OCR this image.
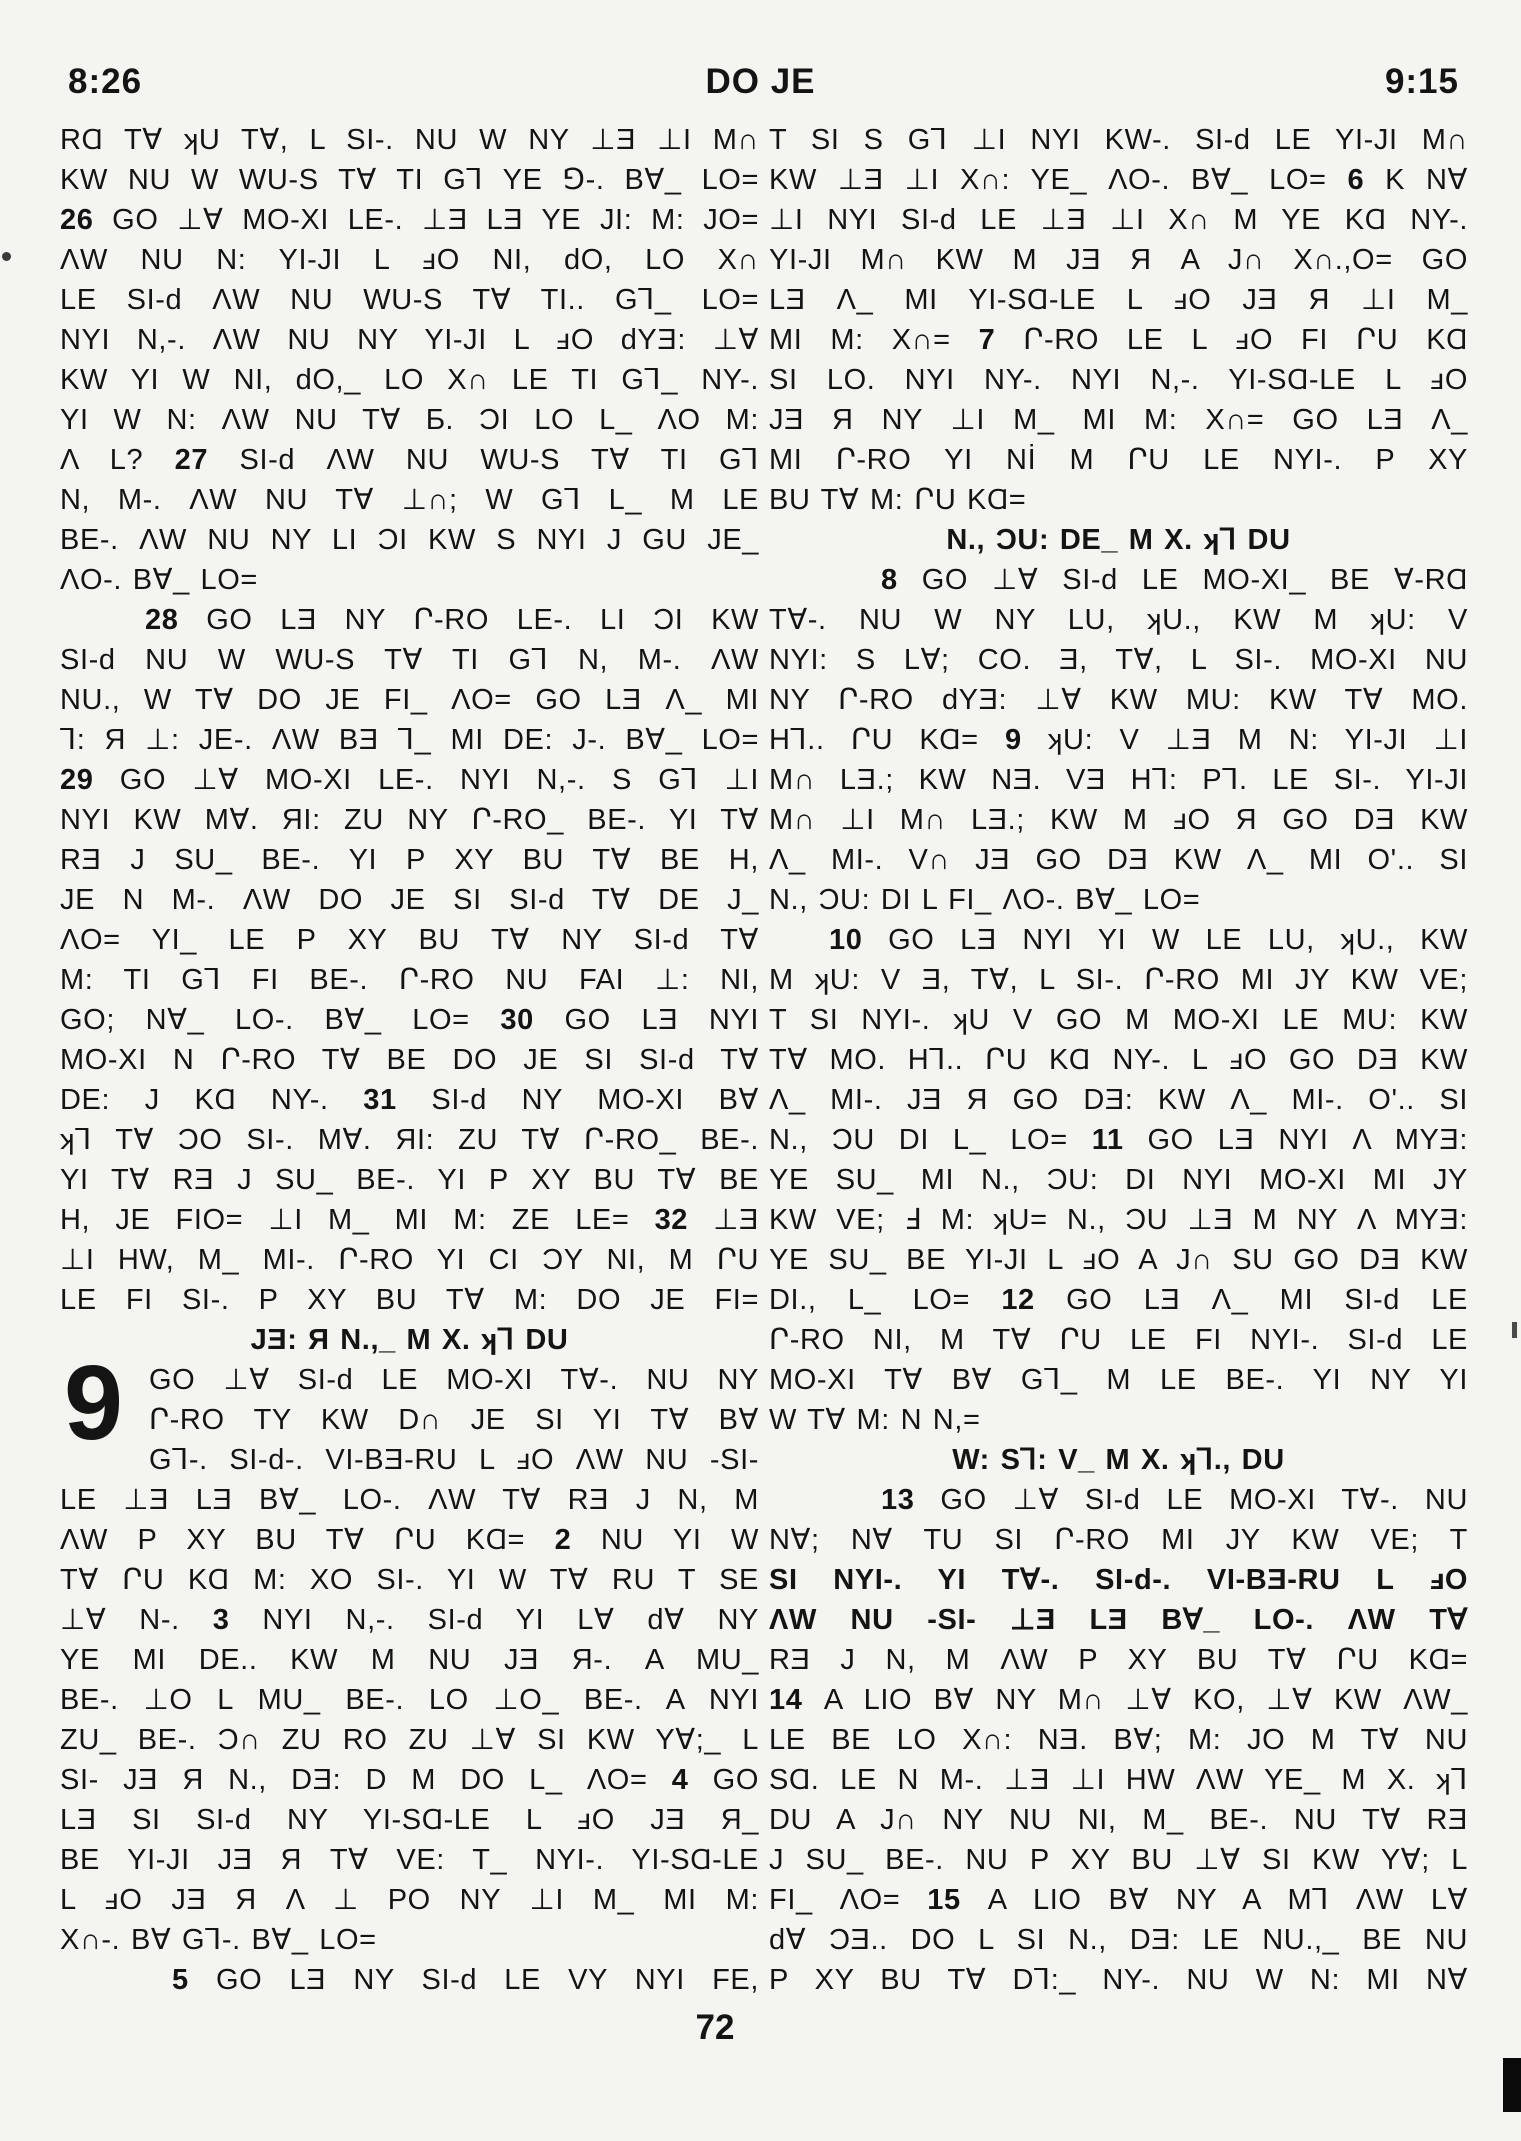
8:26	DO JE	9:15
RⱭ T∀ ʞU T∀, L SI-. NU W NY ⊥Ǝ ⊥I M∩
KW NU W WU-S T∀ TI G⅂ YE ⅁-. B∀_ LO=
26 GO ⊥∀ MO-XI LE-. ⊥Ǝ LƎ YE JI: M: JO=
ΛW NU N: YI-JI L ⅎO NI, dO, LO X∩
LE SI-d ΛW NU WU-S T∀ TI.. G⅂_ LO=
NYI N,-. ΛW NU NY YI-JI L ⅎO dYƎ: ⊥∀
KW YI W NI, dO,_ LO X∩ LE TI G⅂_ NY-.
YI W N: ΛW NU T∀ Ƃ. ƆI LO L_ ΛO M:
Λ L? 27 SI-d ΛW NU WU-S T∀ TI G⅂
N, M-. ΛW NU T∀ ⊥∩; W G⅂ L_ M LE
BE-. ΛW NU NY LI ƆI KW S NYI J GU JE_
ΛO-. B∀_ LO=
28 GO LƎ NY Ր-RO LE-. LI ƆI KW
SI-d NU W WU-S T∀ TI G⅂ N, M-. ΛW
NU., W T∀ DO JE FI_ ΛO= GO LƎ Λ_ MI
⅂: Я ⊥: JE-. ΛW BƎ ⅂_ MI DE: J-. B∀_ LO=
29 GO ⊥∀ MO-XI LE-. NYI N,-. S G⅂ ⊥I
NYI KW M∀. ЯI: ZU NY Ր-RO_ BE-. YI T∀
RƎ J SU_ BE-. YI P XY BU T∀ BE H,
JE N M-. ΛW DO JE SI SI-d T∀ DE J_
ΛO= YI_ LE P XY BU T∀ NY SI-d T∀
M: TI G⅂ FI BE-. Ր-RO NU FAI ⊥: NI,
GO; N∀_ LO-. B∀_ LO= 30 GO LƎ NYI
MO-XI N Ր-RO T∀ BE DO JE SI SI-d T∀
DE: J KⱭ NY-. 31 SI-d NY MO-XI B∀
ʞ⅂ T∀ ƆO SI-. M∀. ЯI: ZU T∀ Ր-RO_ BE-.
YI T∀ RƎ J SU_ BE-. YI P XY BU T∀ BE
H, JE FIO= ⊥I M_ MI M: ZE LE= 32 ⊥Ǝ
⊥I HW, M_ MI-. Ր-RO YI CI ƆY NI, M ՐU
LE FI SI-. P XY BU T∀ M: DO JE FI=
JƎ: Я N.,_ M X. ʞ⅂ DU
9 GO ⊥∀ SI-d LE MO-XI T∀-. NU NY
Ր-RO TY KW D∩ JE SI YI T∀ B∀
G⅂-. SI-d-. VI-BƎ-RU L ⅎO ΛW NU -SI-
LE ⊥Ǝ LƎ B∀_ LO-. ΛW T∀ RƎ J N, M
ΛW P XY BU T∀ ՐU KⱭ= 2 NU YI W
T∀ ՐU KⱭ M: XO SI-. YI W T∀ RU T SE
⊥∀ N-. 3 NYI N,-. SI-d YI L∀ d∀ NY
YE MI DE.. KW M NU JƎ Я-. A MU_
BE-. ⊥O L MU_ BE-. LO ⊥O_ BE-. A NYI
ZU_ BE-. Ɔ∩ ZU RO ZU ⊥∀ SI KW Y∀;_ L
SI- JƎ Я N., DƎ: D M DO L_ ΛO= 4 GO
LƎ SI SI-d NY YI-SⱭ-LE L ⅎO JƎ Я_
BE YI-JI JƎ Я T∀ VE: T_ NYI-. YI-SⱭ-LE
L ⅎO JƎ Я Λ ⊥ PO NY ⊥I M_ MI M:
X∩-. B∀ G⅂-. B∀_ LO=
5 GO LƎ NY SI-d LE VY NYI FE,
T SI S G⅂ ⊥I NYI KW-. SI-d LE YI-JI M∩
KW ⊥Ǝ ⊥I X∩: YE_ ΛO-. B∀_ LO= 6 K N∀
⊥I NYI SI-d LE ⊥Ǝ ⊥I X∩ M YE KⱭ NY-.
YI-JI M∩ KW M JƎ Я A J∩ X∩.,O= GO
LƎ Λ_ MI YI-SⱭ-LE L ⅎO JƎ Я ⊥I M_
MI M: X∩= 7 Ր-RO LE L ⅎO FI ՐU KⱭ
SI LO. NYI NY-. NYI N,-. YI-SⱭ-LE L ⅎO
JƎ Я NY ⊥I M_ MI M: X∩= GO LƎ Λ_
MI Ր-RO YI Nİ M ՐU LE NYI-. P XY
BU T∀ M: ՐU KⱭ=
N., ƆU: DE_ M X. ʞ⅂ DU
8 GO ⊥∀ SI-d LE MO-XI_ BE ∀-RⱭ
T∀-. NU W NY LU, ʞU., KW M ʞU: V
NYI: S L∀; CO. Ǝ, T∀, L SI-. MO-XI NU
NY Ր-RO dYƎ: ⊥∀ KW MU: KW T∀ MO.
H⅂.. ՐU KⱭ= 9 ʞU: V ⊥Ǝ M N: YI-JI ⊥I
M∩ LƎ.; KW NƎ. VƎ H⅂: P⅂. LE SI-. YI-JI
M∩ ⊥I M∩ LƎ.; KW M ⅎO Я GO DƎ KW
Λ_ MI-. V∩ JƎ GO DƎ KW Λ_ MI O'.. SI
N., ƆU: DI L FI_ ΛO-. B∀_ LO=
10 GO LƎ NYI YI W LE LU, ʞU., KW
M ʞU: V Ǝ, T∀, L SI-. Ր-RO MI JY KW VE;
T SI NYI-. ʞU V GO M MO-XI LE MU: KW
T∀ MO. H⅂.. ՐU KⱭ NY-. L ⅎO GO DƎ KW
Λ_ MI-. JƎ Я GO DƎ: KW Λ_ MI-. O'.. SI
N., ƆU DI L_ LO= 11 GO LƎ NYI Λ MYƎ:
YE SU_ MI N., ƆU: DI NYI MO-XI MI JY
KW VE; Ⅎ M: ʞU= N., ƆU ⊥Ǝ M NY Λ MYƎ:
YE SU_ BE YI-JI L ⅎO A J∩ SU GO DƎ KW
DI., L_ LO= 12 GO LƎ Λ_ MI SI-d LE
Ր-RO NI, M T∀ ՐU LE FI NYI-. SI-d LE
MO-XI T∀ B∀ G⅂_ M LE BE-. YI NY YI
W T∀ M: N N,=
W: S⅂: V_ M X. ʞ⅂., DU
13 GO ⊥∀ SI-d LE MO-XI T∀-. NU
N∀; N∀ TU SI Ր-RO MI JY KW VE; T
SI NYI-. YI T∀-. SI-d-. VI-BƎ-RU L ⅎO
ΛW NU -SI- ⊥Ǝ LƎ B∀_ LO-. ΛW T∀
RƎ J N, M ΛW P XY BU T∀ ՐU KⱭ=
14 A LIO B∀ NY M∩ ⊥∀ KO, ⊥∀ KW ΛW_
LE BE LO X∩: NƎ. B∀; M: JO M T∀ NU
SⱭ. LE N M-. ⊥Ǝ ⊥I HW ΛW YE_ M X. ʞ⅂
DU A J∩ NY NU NI, M_ BE-. NU T∀ RƎ
J SU_ BE-. NU P XY BU ⊥∀ SI KW Y∀; L
FI_ ΛO= 15 A LIO B∀ NY A M⅂ ΛW L∀
d∀ ƆƎ.. DO L SI N., DƎ: LE NU.,_ BE NU
P XY BU T∀ D⅂:_ NY-. NU W N: MI N∀
72
